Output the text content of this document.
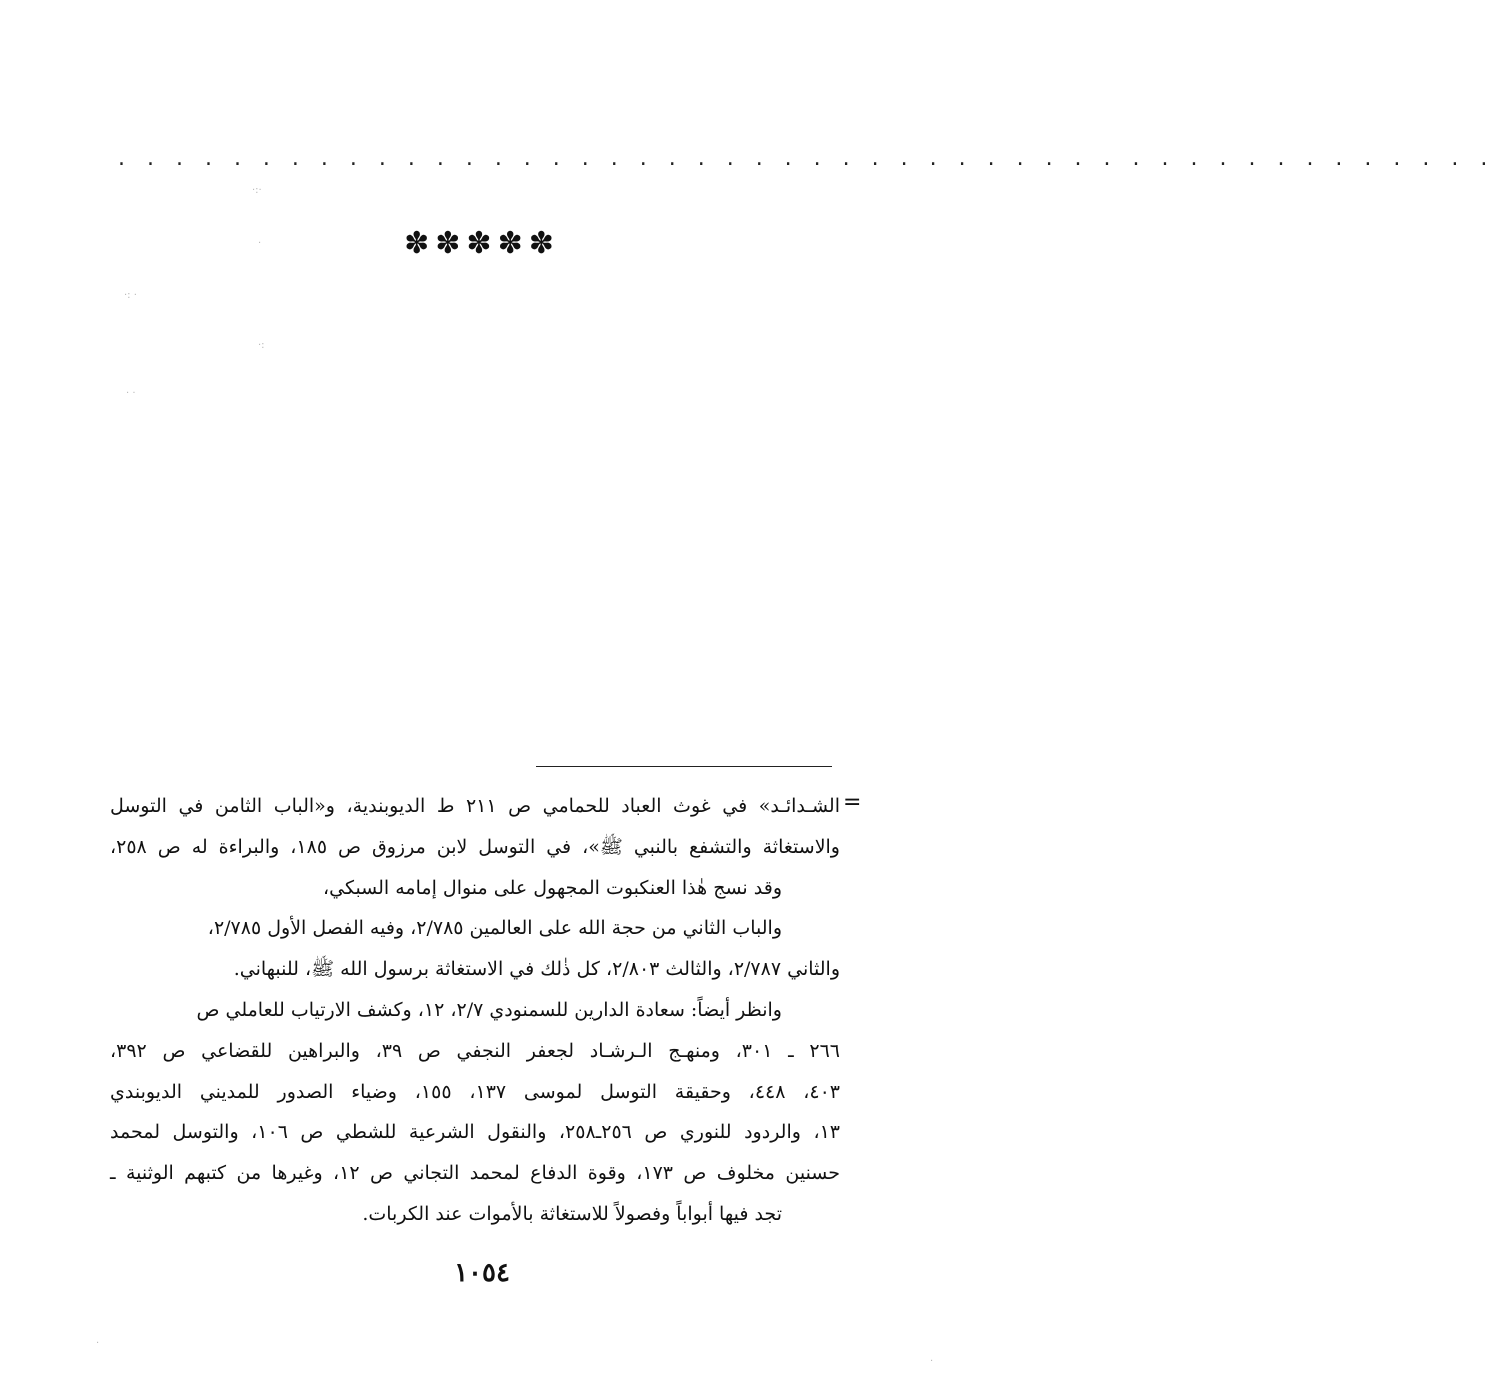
. . . . . . . . . . . . . . . . . . . . . . . . . . . . . . . . . . . . . . . . . . . . . . . .
✽✽✽✽✽
=
الشـدائـد» في غوث العباد للحمامي ص ٢١١ ط الديوبندية، و«الباب الثامن في التوسل
والاستغاثة والتشفع بالنبي ﷺ»، في التوسل لابن مرزوق ص ١٨٥، والبراءة له ص ٢٥٨،
وقد نسج هٰذا العنكبوت المجهول على منوال إمامه السبكي،
والباب الثاني من حجة الله على العالمين ٢/٧٨٥، وفيه الفصل الأول ٢/٧٨٥،
والثاني ٢/٧٨٧، والثالث ٢/٨٠٣، كل ذٰلك في الاستغاثة برسول الله ﷺ، للنبهاني.
وانظر أيضاً: سعادة الدارين للسمنودي ٢/٧، ١٢، وكشف الارتياب للعاملي ص
٢٦٦ ـ ٣٠١، ومنهـج الـرشـاد لجعفر النجفي ص ٣٩، والبراهين للقضاعي ص ٣٩٢،
٤٠٣، ٤٤٨، وحقيقة التوسل لموسى ١٣٧، ١٥٥، وضياء الصدور للمديني الديوبندي
١٣، والردود للنوري ص ٢٥٦ـ٢٥٨، والنقول الشرعية للشطي ص ١٠٦، والتوسل لمحمد
حسنين مخلوف ص ١٧٣، وقوة الدفاع لمحمد التجاني ص ١٢، وغيرها من كتبهم الوثنية ـ
تجد فيها أبواباً وفصولاً للاستغاثة بالأموات عند الكربات.
١٠٥٤
·:·
·
·: ·
·:
· ·
·
·
